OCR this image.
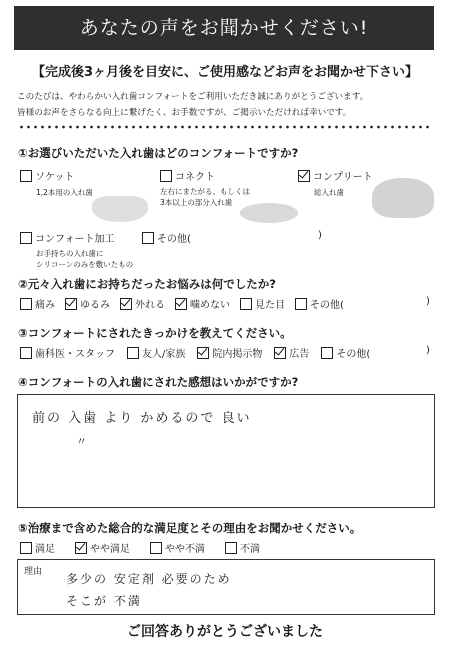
あなたの声をお聞かせください!
【完成後3ヶ月後を目安に、ご使用感などお声をお聞かせ下さい】
このたびは、やわらかい入れ歯コンフォートをご利用いただき誠にありがとうございます。
皆様のお声をさらなる向上に繋げたく、お手数ですが、ご掲示いただければ幸いです。
①お選びいただいた入れ歯はどのコンフォートですか?
ソケット
1,2本用の入れ歯
コネクト
左右にまたがる、もしくは
3本以上の部分入れ歯
コンプリート
総入れ歯
コンフォート加工
お手持ちの入れ歯に
シリコーンのみを敷いたもの
その他(	)
②元々入れ歯にお持ちだったお悩みは何でしたか?
痛み	ゆるみ	外れる	噛めない	見た目	その他(	)
③コンフォートにされたきっかけを教えてください。
歯科医・スタッフ	友人/家族	院内掲示物	広告	その他(	)
④コンフォートの入れ歯にされた感想はいかがですか?
前の 入歯 より かめるので 良い
〃
⑤治療まで含めた総合的な満足度とその理由をお聞かせください。
満足	やや満足	やや不満	不満
理由 多少の 安定剤 必要のため
そこが 不満
ご回答ありがとうございました
